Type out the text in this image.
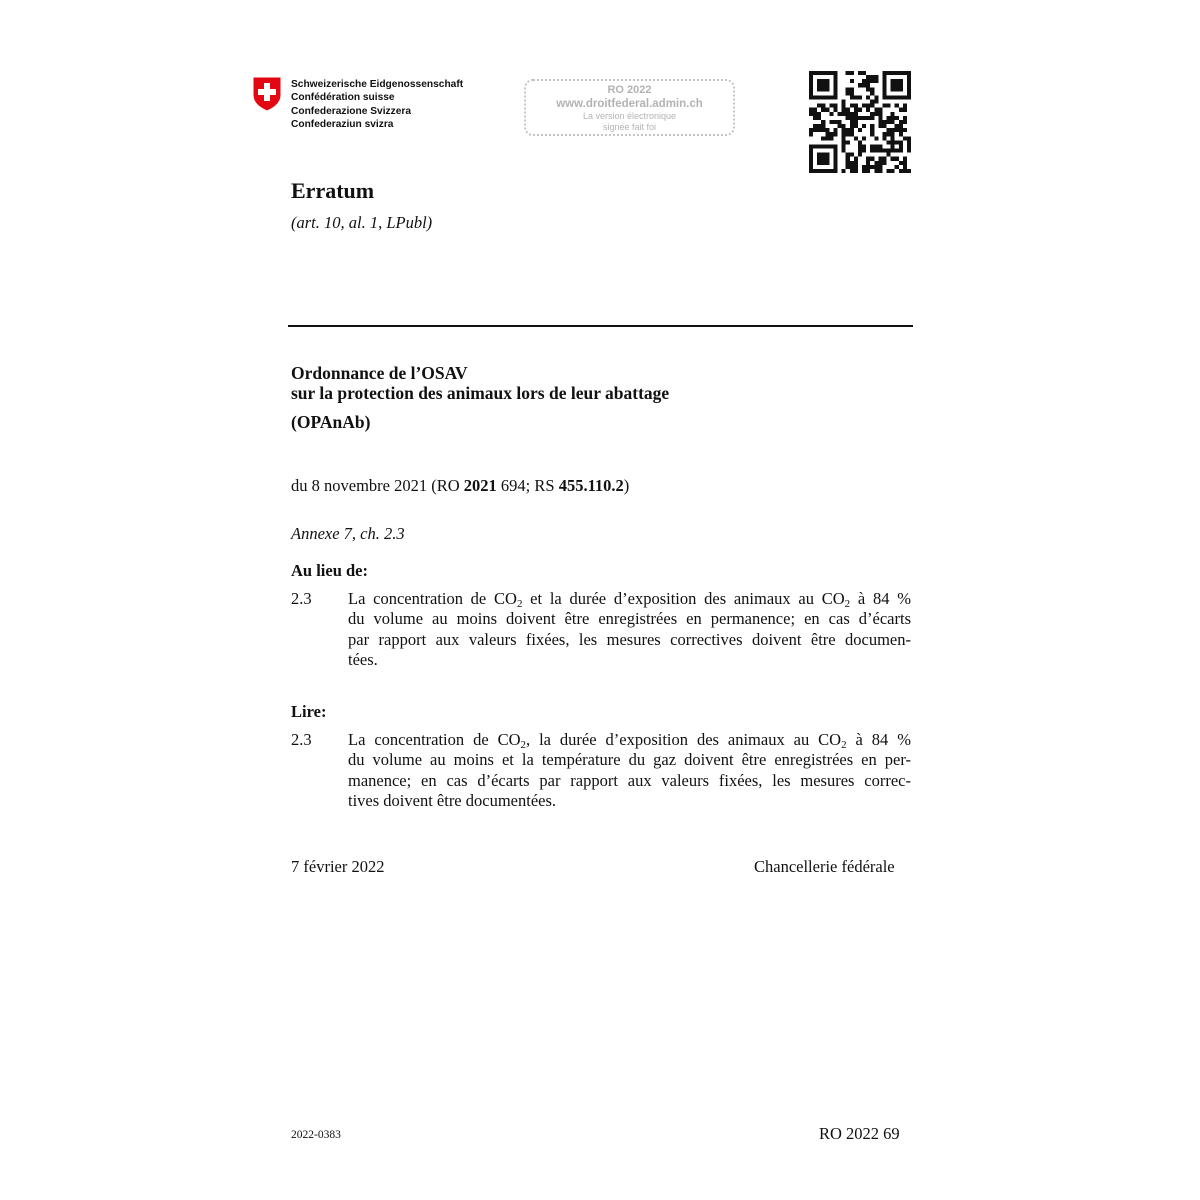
Schweizerische Eidgenossenschaft
Confédération suisse
Confederazione Svizzera
Confederaziun svizra
RO 2022
www.droitfederal.admin.ch
La version électronique
signée fait foi
Erratum
(art. 10, al. 1, LPubl)
Ordonnance de l’OSAV
sur la protection des animaux lors de leur abattage
(OPAnAb)
du 8 novembre 2021 (RO 2021 694; RS 455.110.2)
Annexe 7, ch. 2.3
Au lieu de:
2.3 La concentration de $CO_2$ et la durée d’exposition des animaux au $CO_2$ à 84 %
du volume au moins doivent être enregistrées en permanence; en cas d’écarts
par rapport aux valeurs fixées, les mesures correctives doivent être documen-
tées.
Lire:
2.3 La concentration de $CO_2$, la durée d’exposition des animaux au $CO_2$ à 84 %
du volume au moins et la température du gaz doivent être enregistrées en per-
manence; en cas d’écarts par rapport aux valeurs fixées, les mesures correc-
tives doivent être documentées.
7 février 2022	Chancellerie fédérale
2022-0383	RO 2022 69
